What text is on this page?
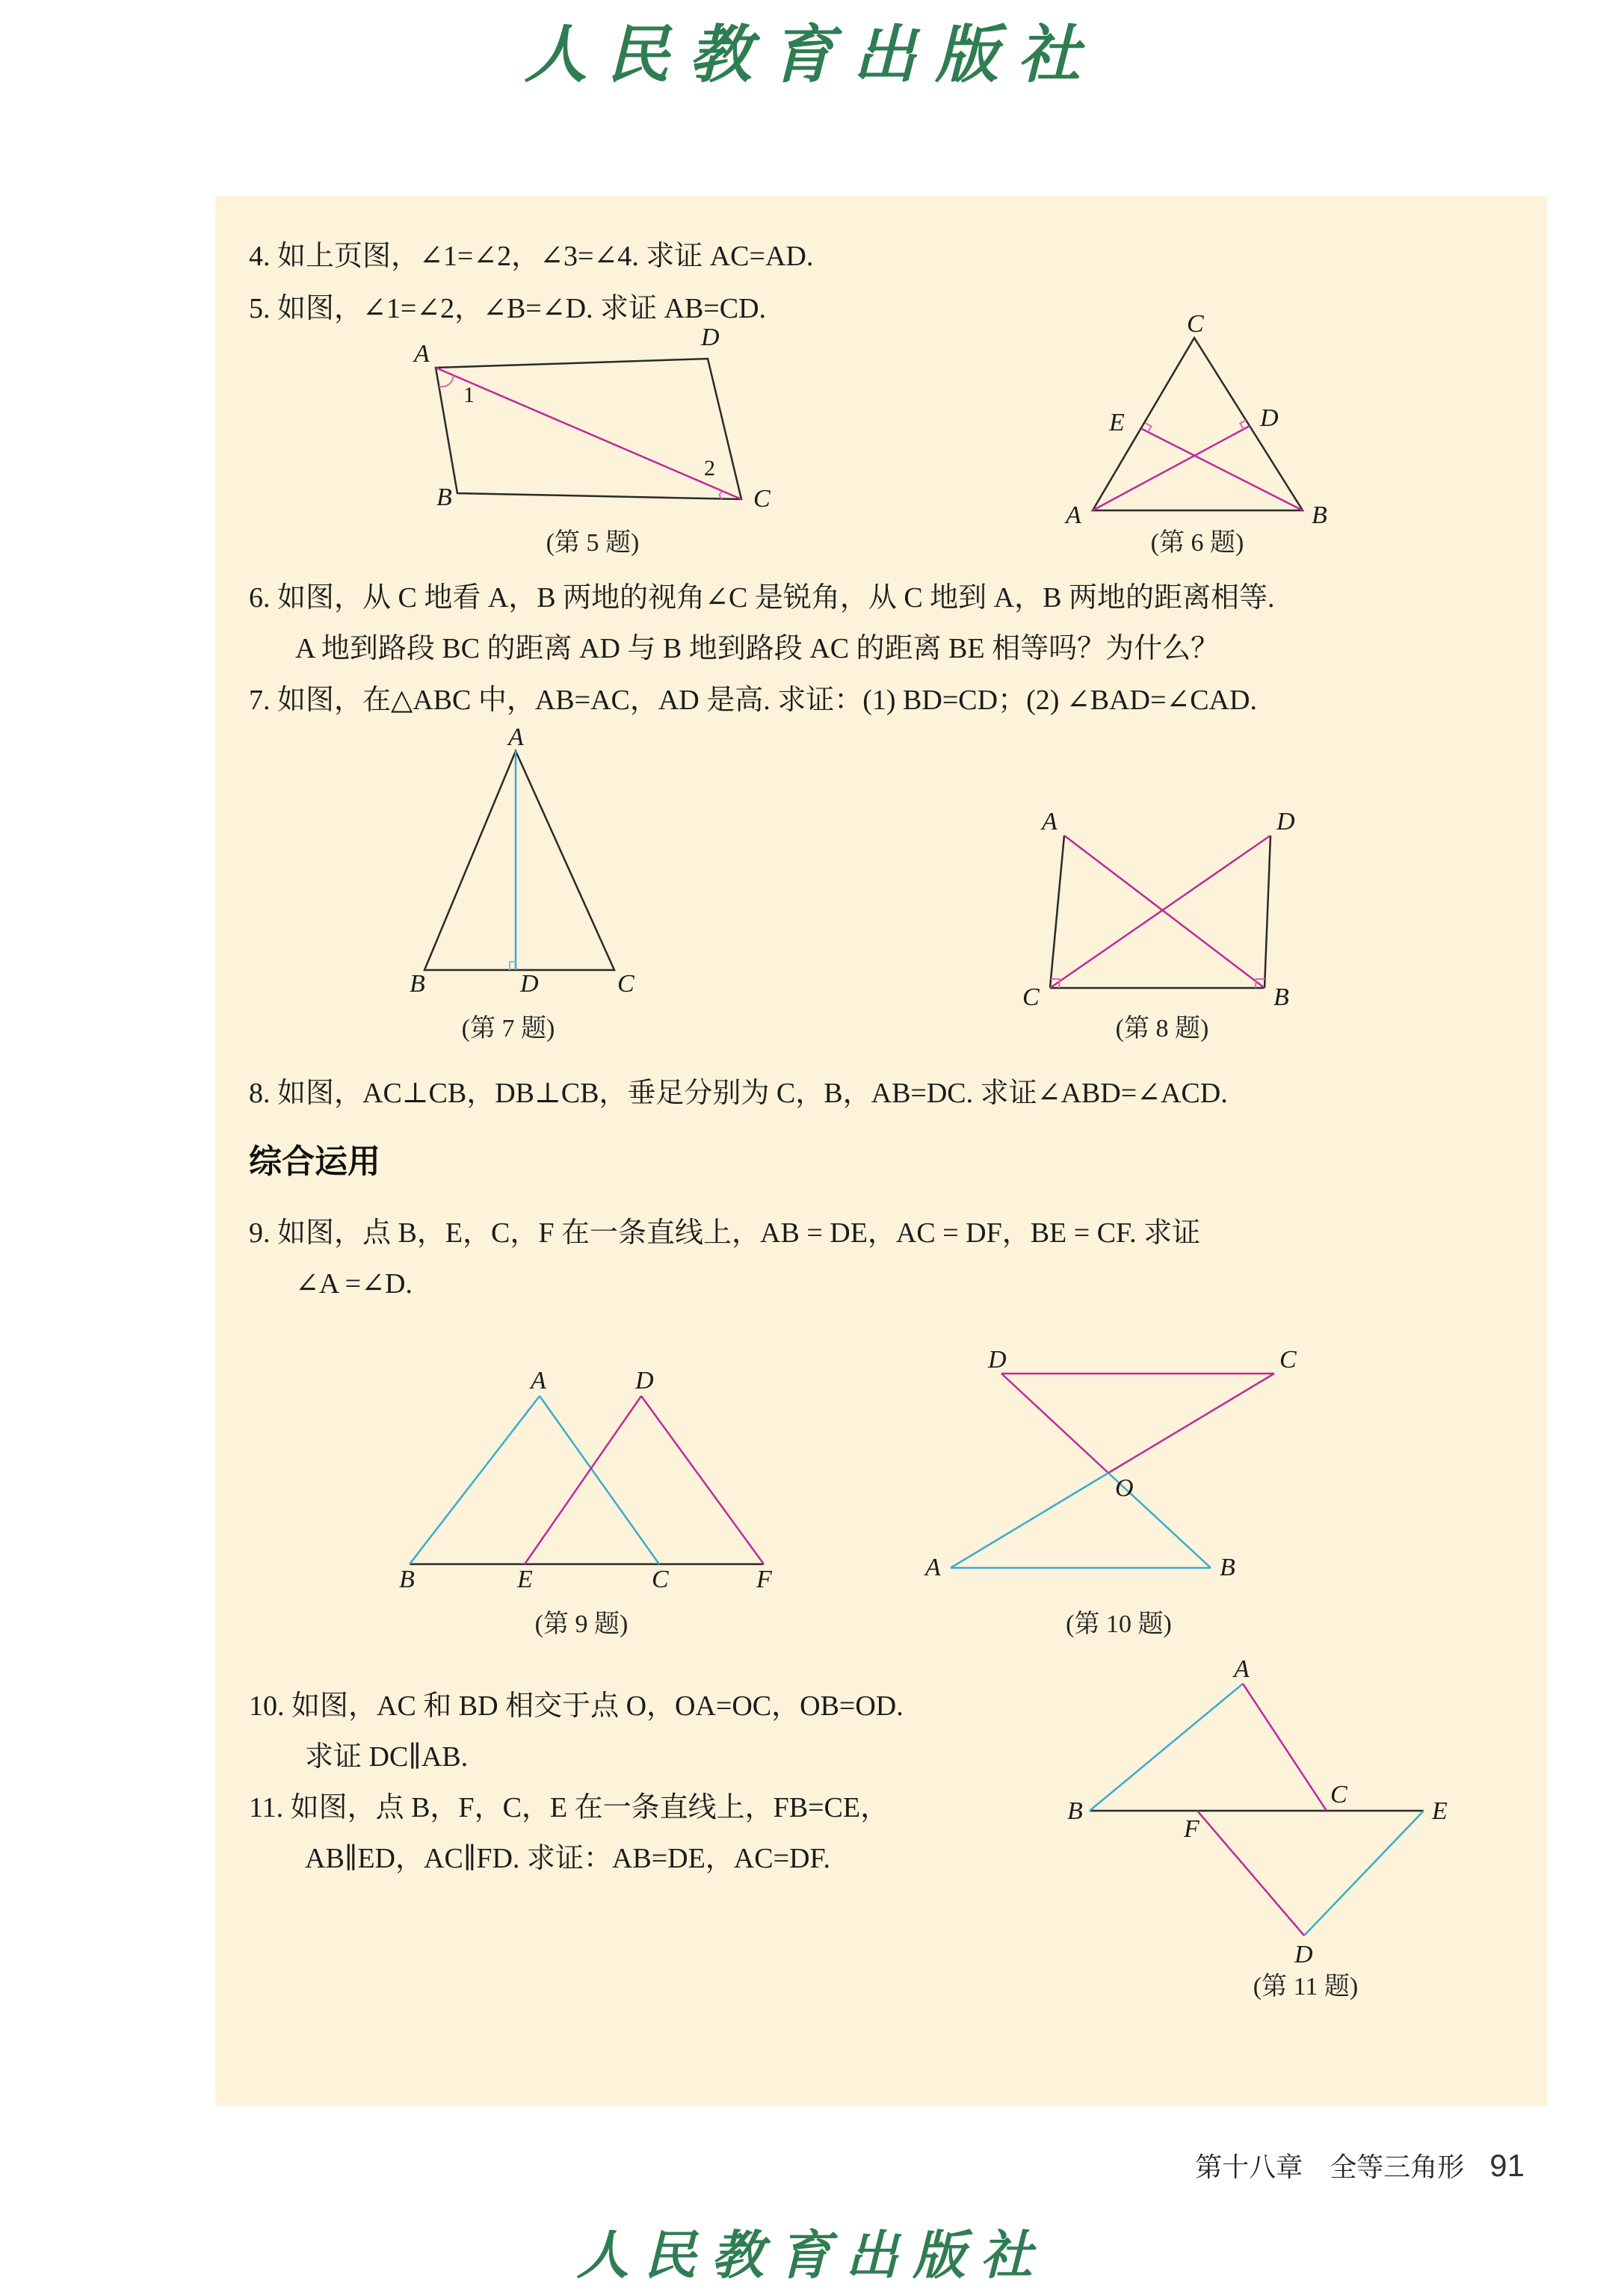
人民教育出版社
4. 如上页图，∠1=∠2，∠3=∠4. 求证 AC=AD.
5. 如图，∠1=∠2，∠B=∠D. 求证 AB=CD.
6. 如图，从 C 地看 A，B 两地的视角∠C 是锐角，从 C 地到 A，B 两地的距离相等.
A 地到路段 BC 的距离 AD 与 B 地到路段 AC 的距离 BE 相等吗？为什么？
7. 如图，在△ABC 中，AB=AC，AD 是高. 求证：(1) BD=CD；(2) ∠BAD=∠CAD.
8. 如图，AC⊥CB，DB⊥CB，垂足分别为 C，B，AB=DC. 求证∠ABD=∠ACD.
综合运用
9. 如图，点 B，E，C，F 在一条直线上，AB = DE，AC = DF，BE = CF. 求证
∠A =∠D.
10. 如图，AC 和 BD 相交于点 O，OA=OC，OB=OD.
求证 DC∥AB.
11. 如图，点 B，F，C，E 在一条直线上，FB=CE，
AB∥ED，AC∥FD. 求证：AB=DE，AC=DF.
A
D
B	C
1
2
(第 5 题)
C
E	D
A	B
(第 6 题)
A
B	D	C
(第 7 题)
A	D
C	B
(第 8 题)
A	D
B	E	C	F
(第 9 题)
D	C
O
A	B
(第 10 题)
A
B
F
C
E
D
(第 11 题)
第十八章　全等三角形 91
人民教育出版社
